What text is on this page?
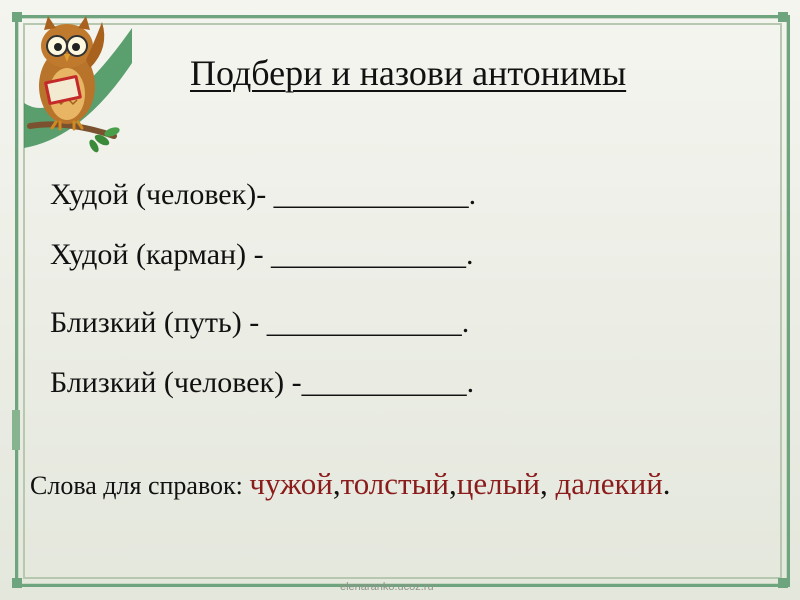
Подбери и назови антонимы
Худой (человек)- _____________.
Худой (карман) - _____________.
Близкий (путь) - _____________.
Близкий (человек) -___________.
Слова для справок: чужой,толстый,целый, далекий.
elenaranko.ucoz.ru
